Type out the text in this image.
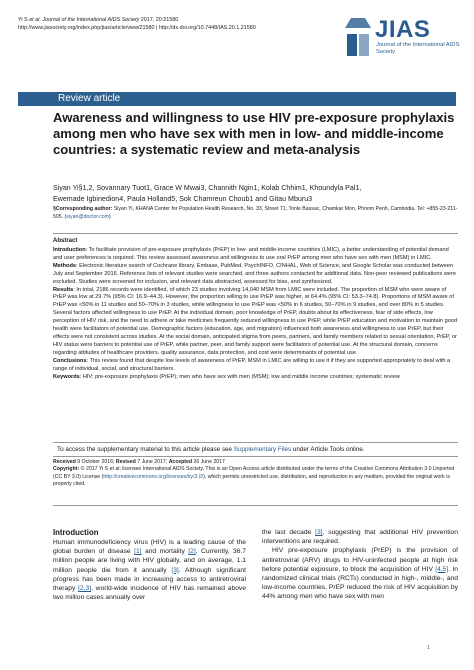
Yi S et al. Journal of the International AIDS Society 2017, 20:21580
http://www.jiasociety.org/index.php/jias/article/view/21580 | http://dx.doi.org/10.7448/IAS.20.1.21580	JIAS
Journal of the International AIDS Society
Review article
Awareness and willingness to use HIV pre-exposure prophylaxis among men who have sex with men in low- and middle-income countries: a systematic review and meta-analysis
Siyan Yi§1,2, Sovannary Tuot1, Grace W Mwai3, Channith Ngin1, Kolab Chhim1, Khoundyla Pal1,
Ewemade Igbinedion4, Paula Holland5, Sok Chamreun Choub1 and Gitau Mburu3

§Corresponding author: Siyan Yi, KHANA Center for Population Health Research, No. 33, Street 71, Tonle Bassac, Chamkar Mon, Phnom Penh, Cambodia. Tel: +855-23-211-505. (siyan@doctor.com)

Abstract

Introduction: To facilitate provision of pre-exposure prophylaxis (PrEP) in low- and middle-income countries (LMIC), a better understanding of potential demand and user preferences is required. This review assessed awareness and willingness to use oral PrEP among men who have sex with men (MSM) in LMIC.
Methods: Electronic literature search of Cochrane library, Embase, PubMed, PsychINFO, CINHAL, Web of Science, and Google Scholar was conducted between July and September 2016. Reference lists of relevant studies were searched, and three authors contacted for additional data. Non-peer reviewed publications were excluded. Studies were screened for inclusion, and relevant data abstracted, assessed for bias, and synthesized.
Results: In total, 2186 records were identified, of which 23 studies involving 14,040 MSM from LMIC were included. The proportion of MSM who were aware of PrEP was low at 29.7% (95% CI: 16.9–44.3). However, the proportion willing to use PrEP was higher, at 64.4% (95% CI: 53.3–74.8). Proportions of MSM aware of PrEP was <50% in 11 studies and 50–70% in 3 studies, while willingness to use PrEP was <50% in 6 studies, 50–70% in 9 studies, and over 80% in 5 studies. Several factors affected willingness to use PrEP. At the individual domain, poor knowledge of PrEP, doubts about its effectiveness, fear of side effects, low perception of HIV risk, and the need to adhere or take medicines frequently reduced willingness to use PrEP, while PrEP education and motivation to maintain good health were facilitators of potential use. Demographic factors (education, age, and migration) influenced both awareness and willingness to use PrEP, but their effects were not consistent across studies. At the social domain, anticipated stigma from peers, partners, and family members related to sexual orientation, PrEP, or HIV status were barriers to potential use of PrEP, while partner, peer, and family support were facilitators of potential use. At the structural domain, concerns regarding attitudes of healthcare providers, quality assurance, data protection, and cost were determinants of potential use.
Conclusions: This review found that despite low levels of awareness of PrEP, MSM in LMIC are willing to use it if they are supported appropriately to deal with a range of individual, social, and structural barriers.
Keywords: HIV; pre-exposure prophylaxis (PrEP); men who have sex with men (MSM); low and middle income countries; systematic review
To access the supplementary material to this article please see Supplementary Files under Article Tools online.
Received 9 October 2016; Revised 7 June 2017; Accepted 26 June 2017
Copyright: © 2017 Yi S et al; licensee International AIDS Society. This is an Open Access article distributed under the terms of the Creative Commons Attribution 3.0 Unported (CC BY 3.0) License (http://creativecommons.org/licenses/by/3.0/), which permits unrestricted use, distribution, and reproduction in any medium, provided the original work is properly cited.
Introduction

Human immunodeficiency virus (HIV) is a leading cause of the global burden of disease [1] and mortality [2]. Currently, 36.7 million people are living with HIV globally, and on average, 1.1 million people die from it annually [3]. Although significant progress has been made in increasing access to antiretroviral therapy [2,3], world-wide incidence of HIV has remained above two million cases annually over

the last decade [3], suggesting that additional HIV prevention interventions are required.

HIV pre-exposure prophylaxis (PrEP) is the provision of antiretroviral (ARV) drugs to HIV-uninfected people at high risk before potential exposure, to block the acquisition of HIV [4,5]. In randomized clinical trials (RCTs) conducted in high-, middle-, and low-income countries, PrEP reduced the risk of HIV acquisition by 44% among men who have sex with men

1
